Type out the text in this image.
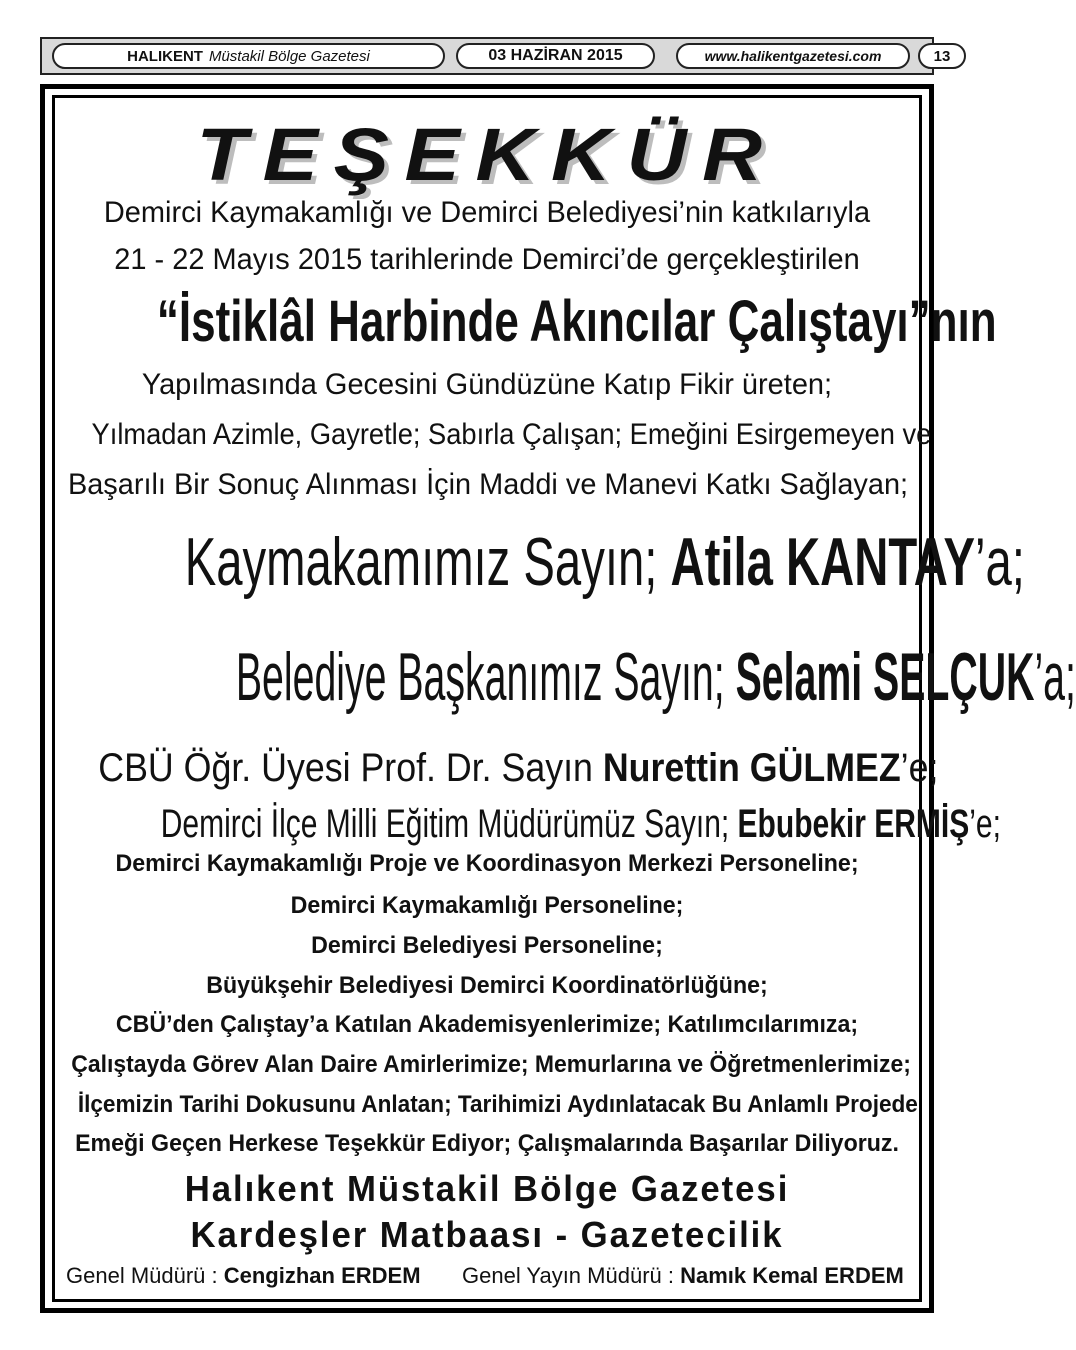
HALIKENT Müstakil Bölge Gazetesi	03 HAZİRAN 2015	www.halikentgazetesi.com	13
TEŞEKKÜR
Demirci Kaymakamlığı ve Demirci Belediyesi’nin katkılarıyla
21 - 22 Mayıs 2015 tarihlerinde Demirci’de gerçekleştirilen
“İstiklâl Harbinde Akıncılar Çalıştayı”nın
Yapılmasında Gecesini Gündüzüne Katıp Fikir üreten;
Yılmadan Azimle, Gayretle; Sabırla Çalışan; Emeğini Esirgemeyen ve
Başarılı Bir Sonuç Alınması İçin Maddi ve Manevi Katkı Sağlayan;
Kaymakamımız Sayın; Atila KANTAY’a;
Belediye Başkanımız Sayın; Selami SELÇUK’a;
CBÜ Öğr. Üyesi Prof. Dr. Sayın Nurettin GÜLMEZ’e;
Demirci İlçe Milli Eğitim Müdürümüz Sayın; Ebubekir ERMİŞ’e;
Demirci Kaymakamlığı Proje ve Koordinasyon Merkezi Personeline;
Demirci Kaymakamlığı Personeline;
Demirci Belediyesi Personeline;
Büyükşehir Belediyesi Demirci Koordinatörlüğüne;
CBÜ’den Çalıştay’a Katılan Akademisyenlerimize; Katılımcılarımıza;
Çalıştayda Görev Alan Daire Amirlerimize; Memurlarına ve Öğretmenlerimize;
İlçemizin Tarihi Dokusunu Anlatan; Tarihimizi Aydınlatacak Bu Anlamlı Projede
Emeği Geçen Herkese Teşekkür Ediyor; Çalışmalarında Başarılar Diliyoruz.
Halıkent Müstakil Bölge Gazetesi
Kardeşler Matbaası - Gazetecilik
Genel Müdürü : Cengizhan ERDEM Genel Yayın Müdürü : Namık Kemal ERDEM
